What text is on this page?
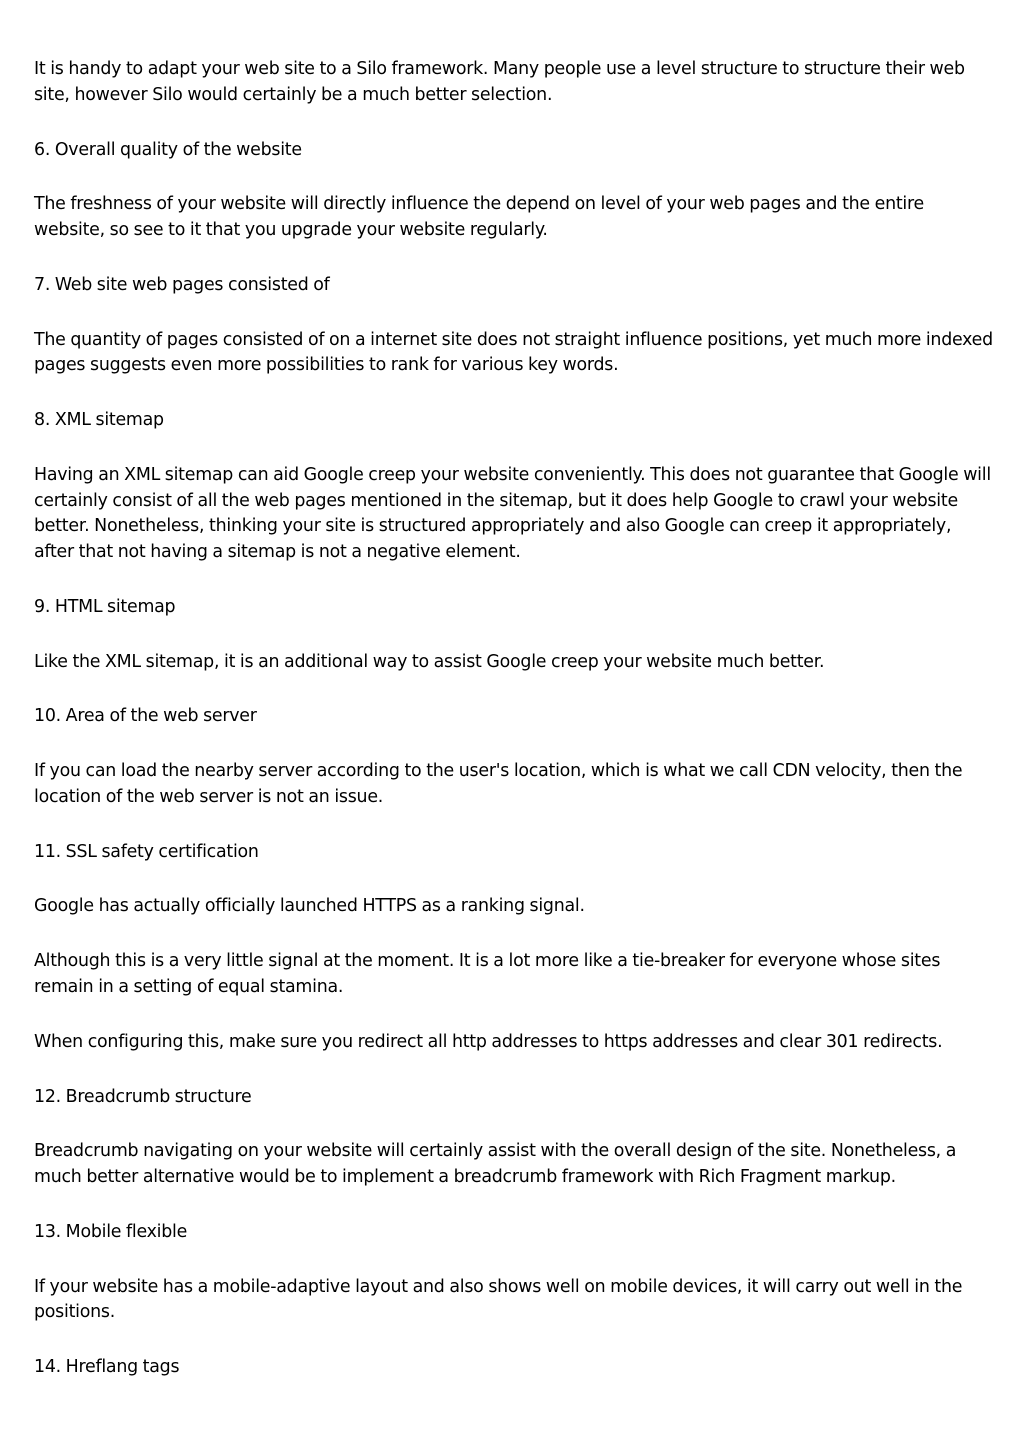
It is handy to adapt your web site to a Silo framework. Many people use a level structure to structure their web site, however Silo would certainly be a much better selection.

6. Overall quality of the website

The freshness of your website will directly influence the depend on level of your web pages and the entire website, so see to it that you upgrade your website regularly.

7. Web site web pages consisted of

The quantity of pages consisted of on a internet site does not straight influence positions, yet much more indexed pages suggests even more possibilities to rank for various key words.

8. XML sitemap

Having an XML sitemap can aid Google creep your website conveniently. This does not guarantee that Google will certainly consist of all the web pages mentioned in the sitemap, but it does help Google to crawl your website better. Nonetheless, thinking your site is structured appropriately and also Google can creep it appropriately, after that not having a sitemap is not a negative element.

9. HTML sitemap

Like the XML sitemap, it is an additional way to assist Google creep your website much better.

10. Area of the web server

If you can load the nearby server according to the user's location, which is what we call CDN velocity, then the location of the web server is not an issue.

11. SSL safety certification

Google has actually officially launched HTTPS as a ranking signal.

Although this is a very little signal at the moment. It is a lot more like a tie-breaker for everyone whose sites remain in a setting of equal stamina.

When configuring this, make sure you redirect all http addresses to https addresses and clear 301 redirects.

12. Breadcrumb structure

Breadcrumb navigating on your website will certainly assist with the overall design of the site. Nonetheless, a much better alternative would be to implement a breadcrumb framework with Rich Fragment markup.

13. Mobile flexible

If your website has a mobile-adaptive layout and also shows well on mobile devices, it will carry out well in the positions.

14. Hreflang tags
